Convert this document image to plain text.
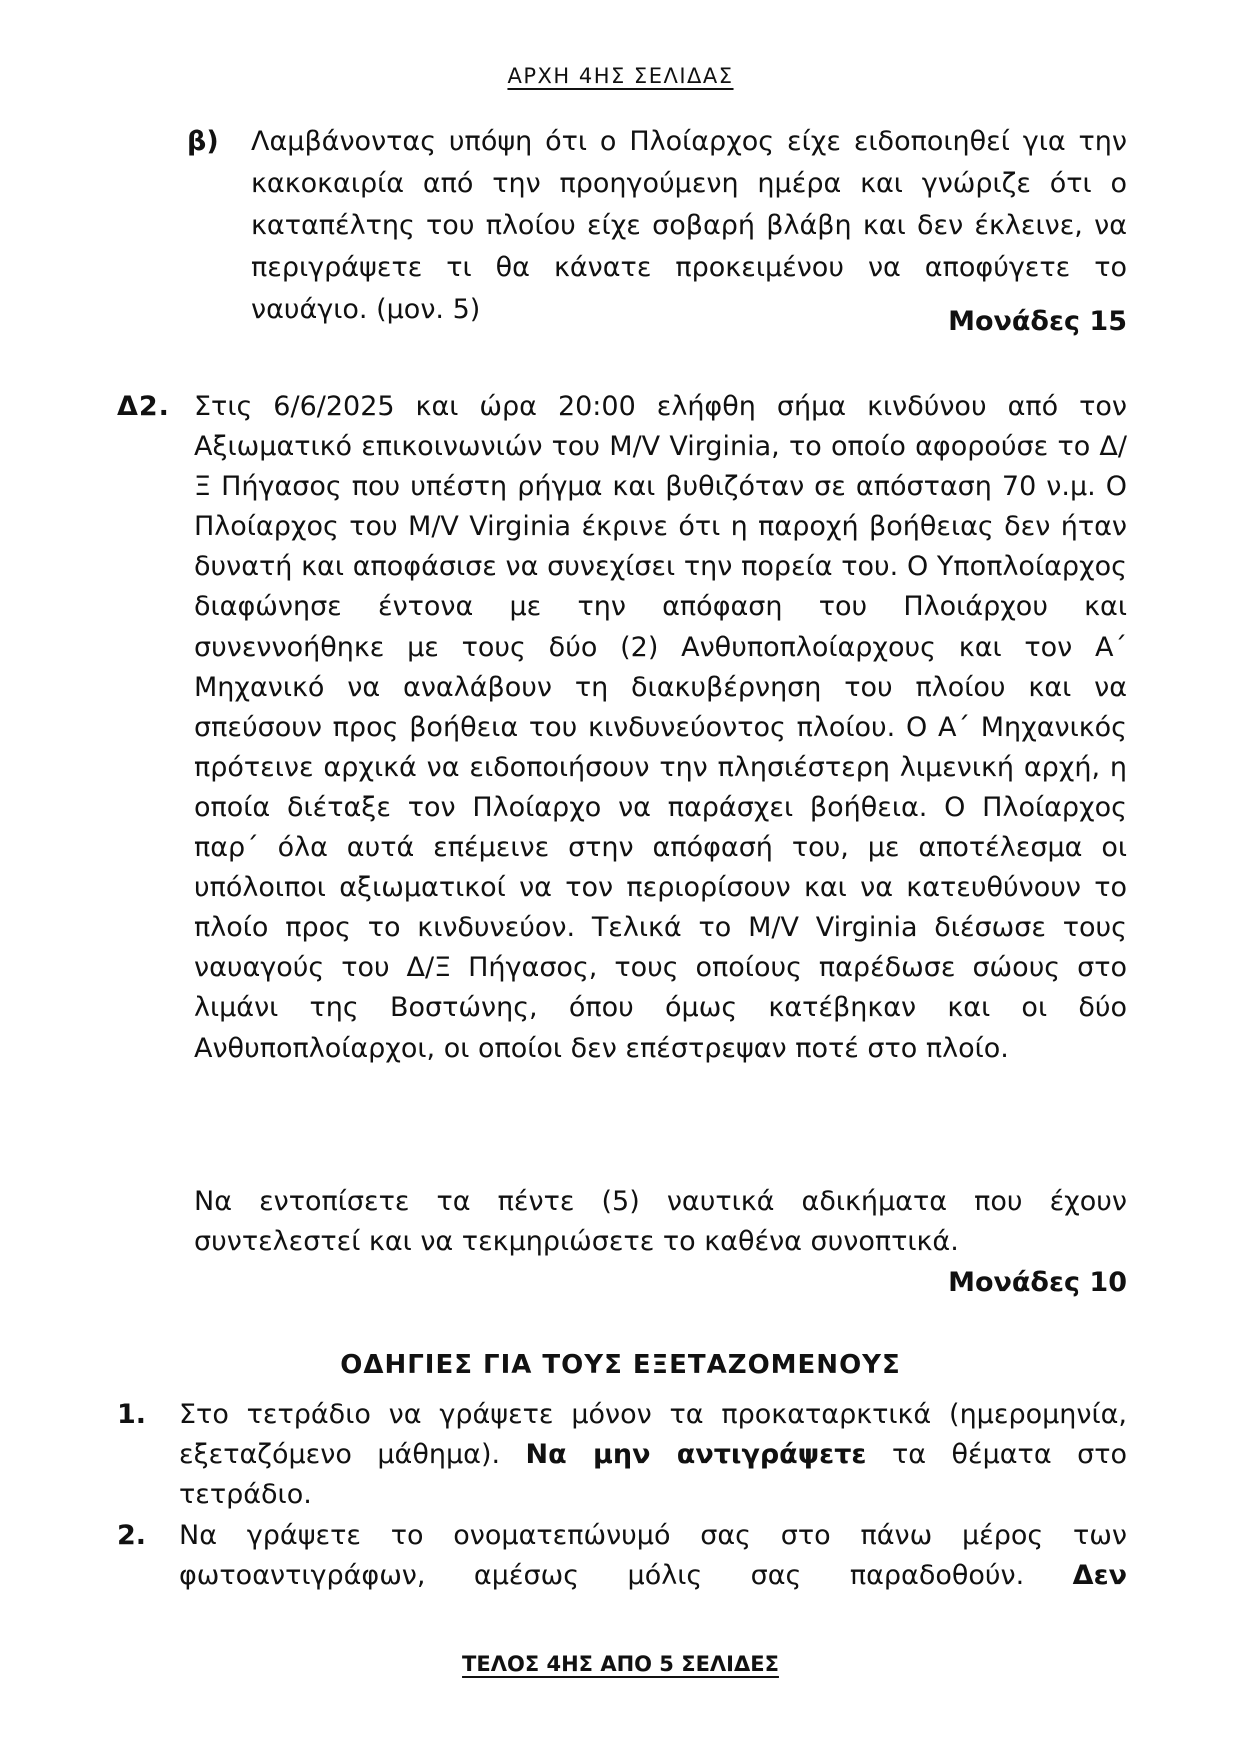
ΑΡΧΗ 4ΗΣ ΣΕΛΙΔΑΣ
β) Λαμβάνοντας υπόψη ότι ο Πλοίαρχος είχε ειδοποιηθεί για την κακοκαιρία από την προηγούμενη ημέρα και γνώριζε ότι ο καταπέλτης του πλοίου είχε σοβαρή βλάβη και δεν έκλεινε, να περιγράψετε τι θα κάνατε προκειμένου να αποφύγετε το ναυάγιο. (μον. 5)	Μονάδες 15
Δ2. Στις 6/6/2025 και ώρα 20:00 ελήφθη σήμα κινδύνου από τον Αξιωματικό επικοινωνιών του M/V Virginia, το οποίο αφορούσε το Δ/Ξ Πήγασος που υπέστη ρήγμα και βυθιζόταν σε απόσταση 70 ν.μ. Ο Πλοίαρχος του M/V Virginia έκρινε ότι η παροχή βοήθειας δεν ήταν δυνατή και αποφάσισε να συνεχίσει την πορεία του. Ο Υποπλοίαρχος διαφώνησε έντονα με την απόφαση του Πλοιάρχου και συνεννοήθηκε με τους δύο (2) Ανθυποπλοίαρχους και τον Α΄ Μηχανικό να αναλάβουν τη διακυβέρνηση του πλοίου και να σπεύσουν προς βοήθεια του κινδυνεύοντος πλοίου. Ο Α΄ Μηχανικός πρότεινε αρχικά να ειδοποιήσουν την πλησιέστερη λιμενική αρχή, η οποία διέταξε τον Πλοίαρχο να παράσχει βοήθεια. Ο Πλοίαρχος παρ΄ όλα αυτά επέμεινε στην απόφασή του, με αποτέλεσμα οι υπόλοιποι αξιωματικοί να τον περιορίσουν και να κατευθύνουν το πλοίο προς το κινδυνεύον. Τελικά το M/V Virginia διέσωσε τους ναυαγούς του Δ/Ξ Πήγασος, τους οποίους παρέδωσε σώους στο λιμάνι της Βοστώνης, όπου όμως κατέβηκαν και οι δύο Ανθυποπλοίαρχοι, οι οποίοι δεν επέστρεψαν ποτέ στο πλοίο.
Να εντοπίσετε τα πέντε (5) ναυτικά αδικήματα που έχουν συντελεστεί και να τεκμηριώσετε το καθένα συνοπτικά.
Μονάδες 10
ΟΔΗΓΙΕΣ ΓΙΑ ΤΟΥΣ ΕΞΕΤΑΖΟΜΕΝΟΥΣ
1. Στο τετράδιο να γράψετε μόνον τα προκαταρκτικά (ημερομηνία, εξεταζόμενο μάθημα). Να μην αντιγράψετε τα θέματα στο τετράδιο.
2. Να γράψετε το ονοματεπώνυμό σας στο πάνω μέρος των φωτοαντιγράφων, αμέσως μόλις σας παραδοθούν. Δεν
ΤΕΛΟΣ 4ΗΣ ΑΠΟ 5 ΣΕΛΙΔΕΣ
